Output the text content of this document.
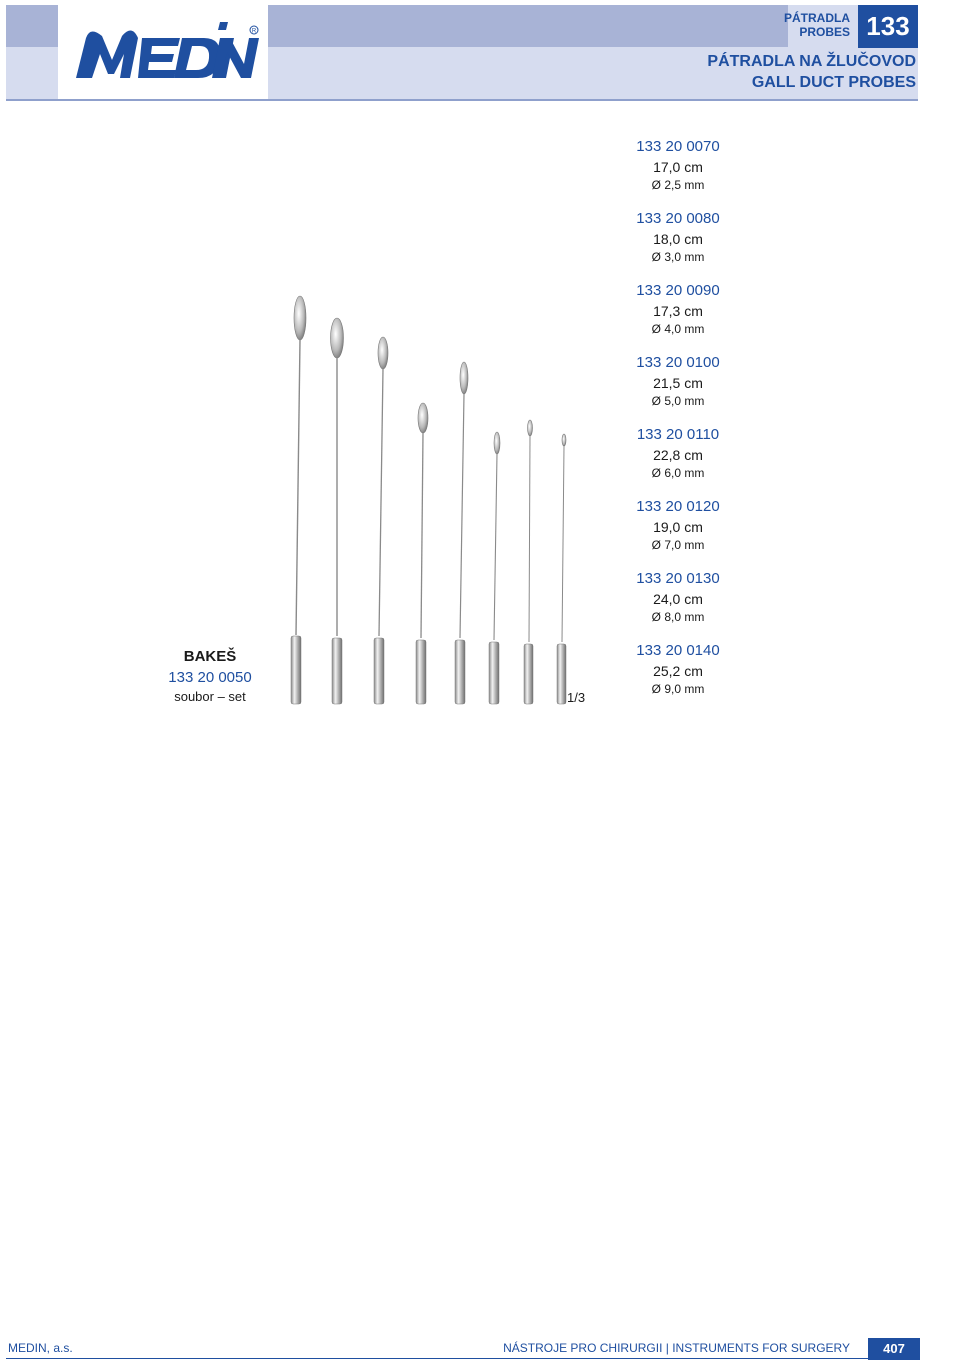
R
PÁTRADLA
PROBES 133
PÁTRADLA NA ŽLUČOVOD
GALL DUCT PROBES
BAKEŠ
133 20 0050
soubor – set	1/3
133 20 0070
17,0 cm
Ø 2,5 mm
133 20 0080
18,0 cm
Ø 3,0 mm
133 20 0090
17,3 cm
Ø 4,0 mm
133 20 0100
21,5 cm
Ø 5,0 mm
133 20 0110
22,8 cm
Ø 6,0 mm
133 20 0120
19,0 cm
Ø 7,0 mm
133 20 0130
24,0 cm
Ø 8,0 mm
133 20 0140
25,2 cm
Ø 9,0 mm
MEDIN, a.s.	NÁSTROJE PRO CHIRURGII | INSTRUMENTS FOR SURGERY	407
